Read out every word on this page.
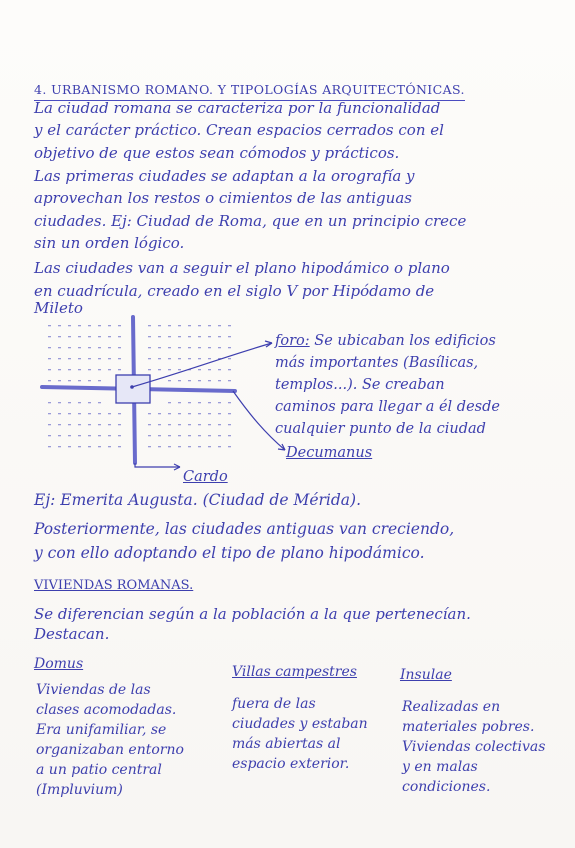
4. URBANISMO ROMANO. Y TIPOLOGÍAS ARQUITECTÓNICAS.
La ciudad romana se caracteriza por la funcionalidad
y el carácter práctico. Crean espacios cerrados con el
objetivo de que estos sean cómodos y prácticos.
Las primeras ciudades se adaptan a la orografía y
aprovechan los restos o cimientos de las antiguas
ciudades. Ej: Ciudad de Roma, que en un principio crece
sin un orden lógico.
Las ciudades van a seguir el plano hipodámico o plano
en cuadrícula, creado en el siglo V por Hipódamo de
Mileto
foro: Se ubicaban los edificios
más importantes (Basílicas,
templos...). Se creaban
caminos para llegar a él desde
cualquier punto de la ciudad
Decumanus
Cardo
Ej: Emerita Augusta. (Ciudad de Mérida).
Posteriormente, las ciudades antiguas van creciendo,
y con ello adoptando el tipo de plano hipodámico.
VIVIENDAS ROMANAS.
Se diferencian según a la población a la que pertenecían.
Destacan.
Domus
Viviendas de las
clases acomodadas.
Era unifamiliar, se
organizaban entorno
a un patio central
(Impluvium)
Villas campestres
fuera de las
ciudades y estaban
más abiertas al
espacio exterior.
Insulae
Realizadas en
materiales pobres.
Viviendas colectivas
y en malas
condiciones.
